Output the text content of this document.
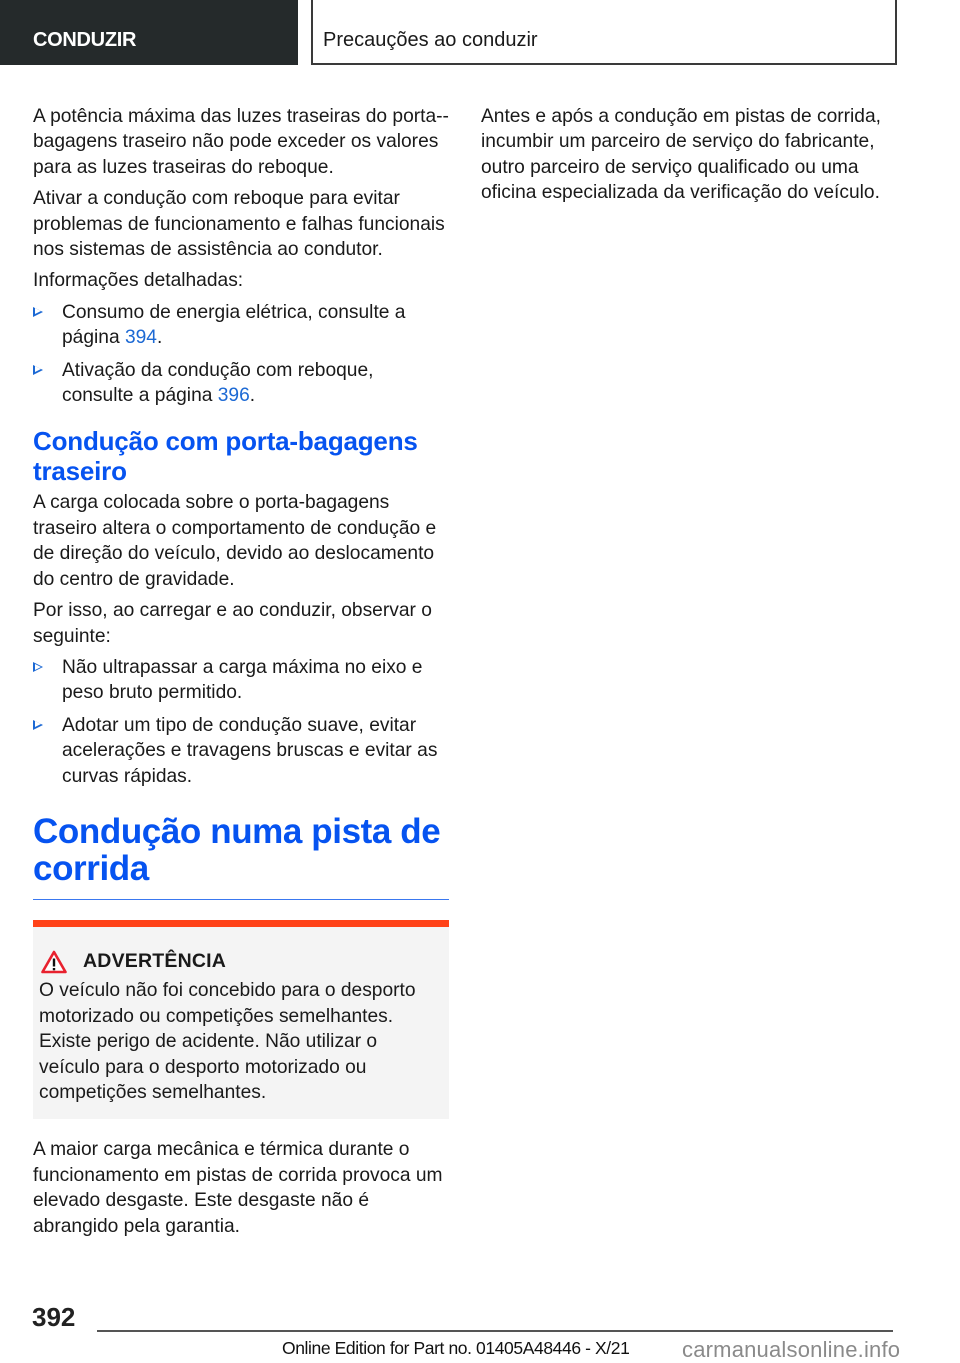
CONDUZIR	Precauções ao conduzir

A potência máxima das luzes traseiras do porta--bagagens traseiro não pode exceder os valores para as luzes traseiras do reboque.

Ativar a condução com reboque para evitar problemas de funcionamento e falhas funcionais nos sistemas de assistência ao condutor.

Informações detalhadas:

Consumo de energia elétrica, consulte a página 394.
Ativação da condução com reboque, consulte a página 396.
Condução com porta-bagagens traseiro

A carga colocada sobre o porta-bagagens traseiro altera o comportamento de condução e de direção do veículo, devido ao deslocamento do centro de gravidade.

Por isso, ao carregar e ao conduzir, observar o seguinte:

Não ultrapassar a carga máxima no eixo e peso bruto permitido.
Adotar um tipo de condução suave, evitar acelerações e travagens bruscas e evitar as curvas rápidas.
Condução numa pista de corrida
ADVERTÊNCIA

O veículo não foi concebido para o desporto motorizado ou competições semelhantes. Existe perigo de acidente. Não utilizar o veículo para o desporto motorizado ou competições semelhantes.

A maior carga mecânica e térmica durante o funcionamento em pistas de corrida provoca um elevado desgaste. Este desgaste não é abrangido pela garantia.

Antes e após a condução em pistas de corrida, incumbir um parceiro de serviço do fabricante, outro parceiro de serviço qualificado ou uma oficina especializada da verificação do veículo.

392
Online Edition for Part no. 01405A48446 - X/21 carmanualsonline.info
